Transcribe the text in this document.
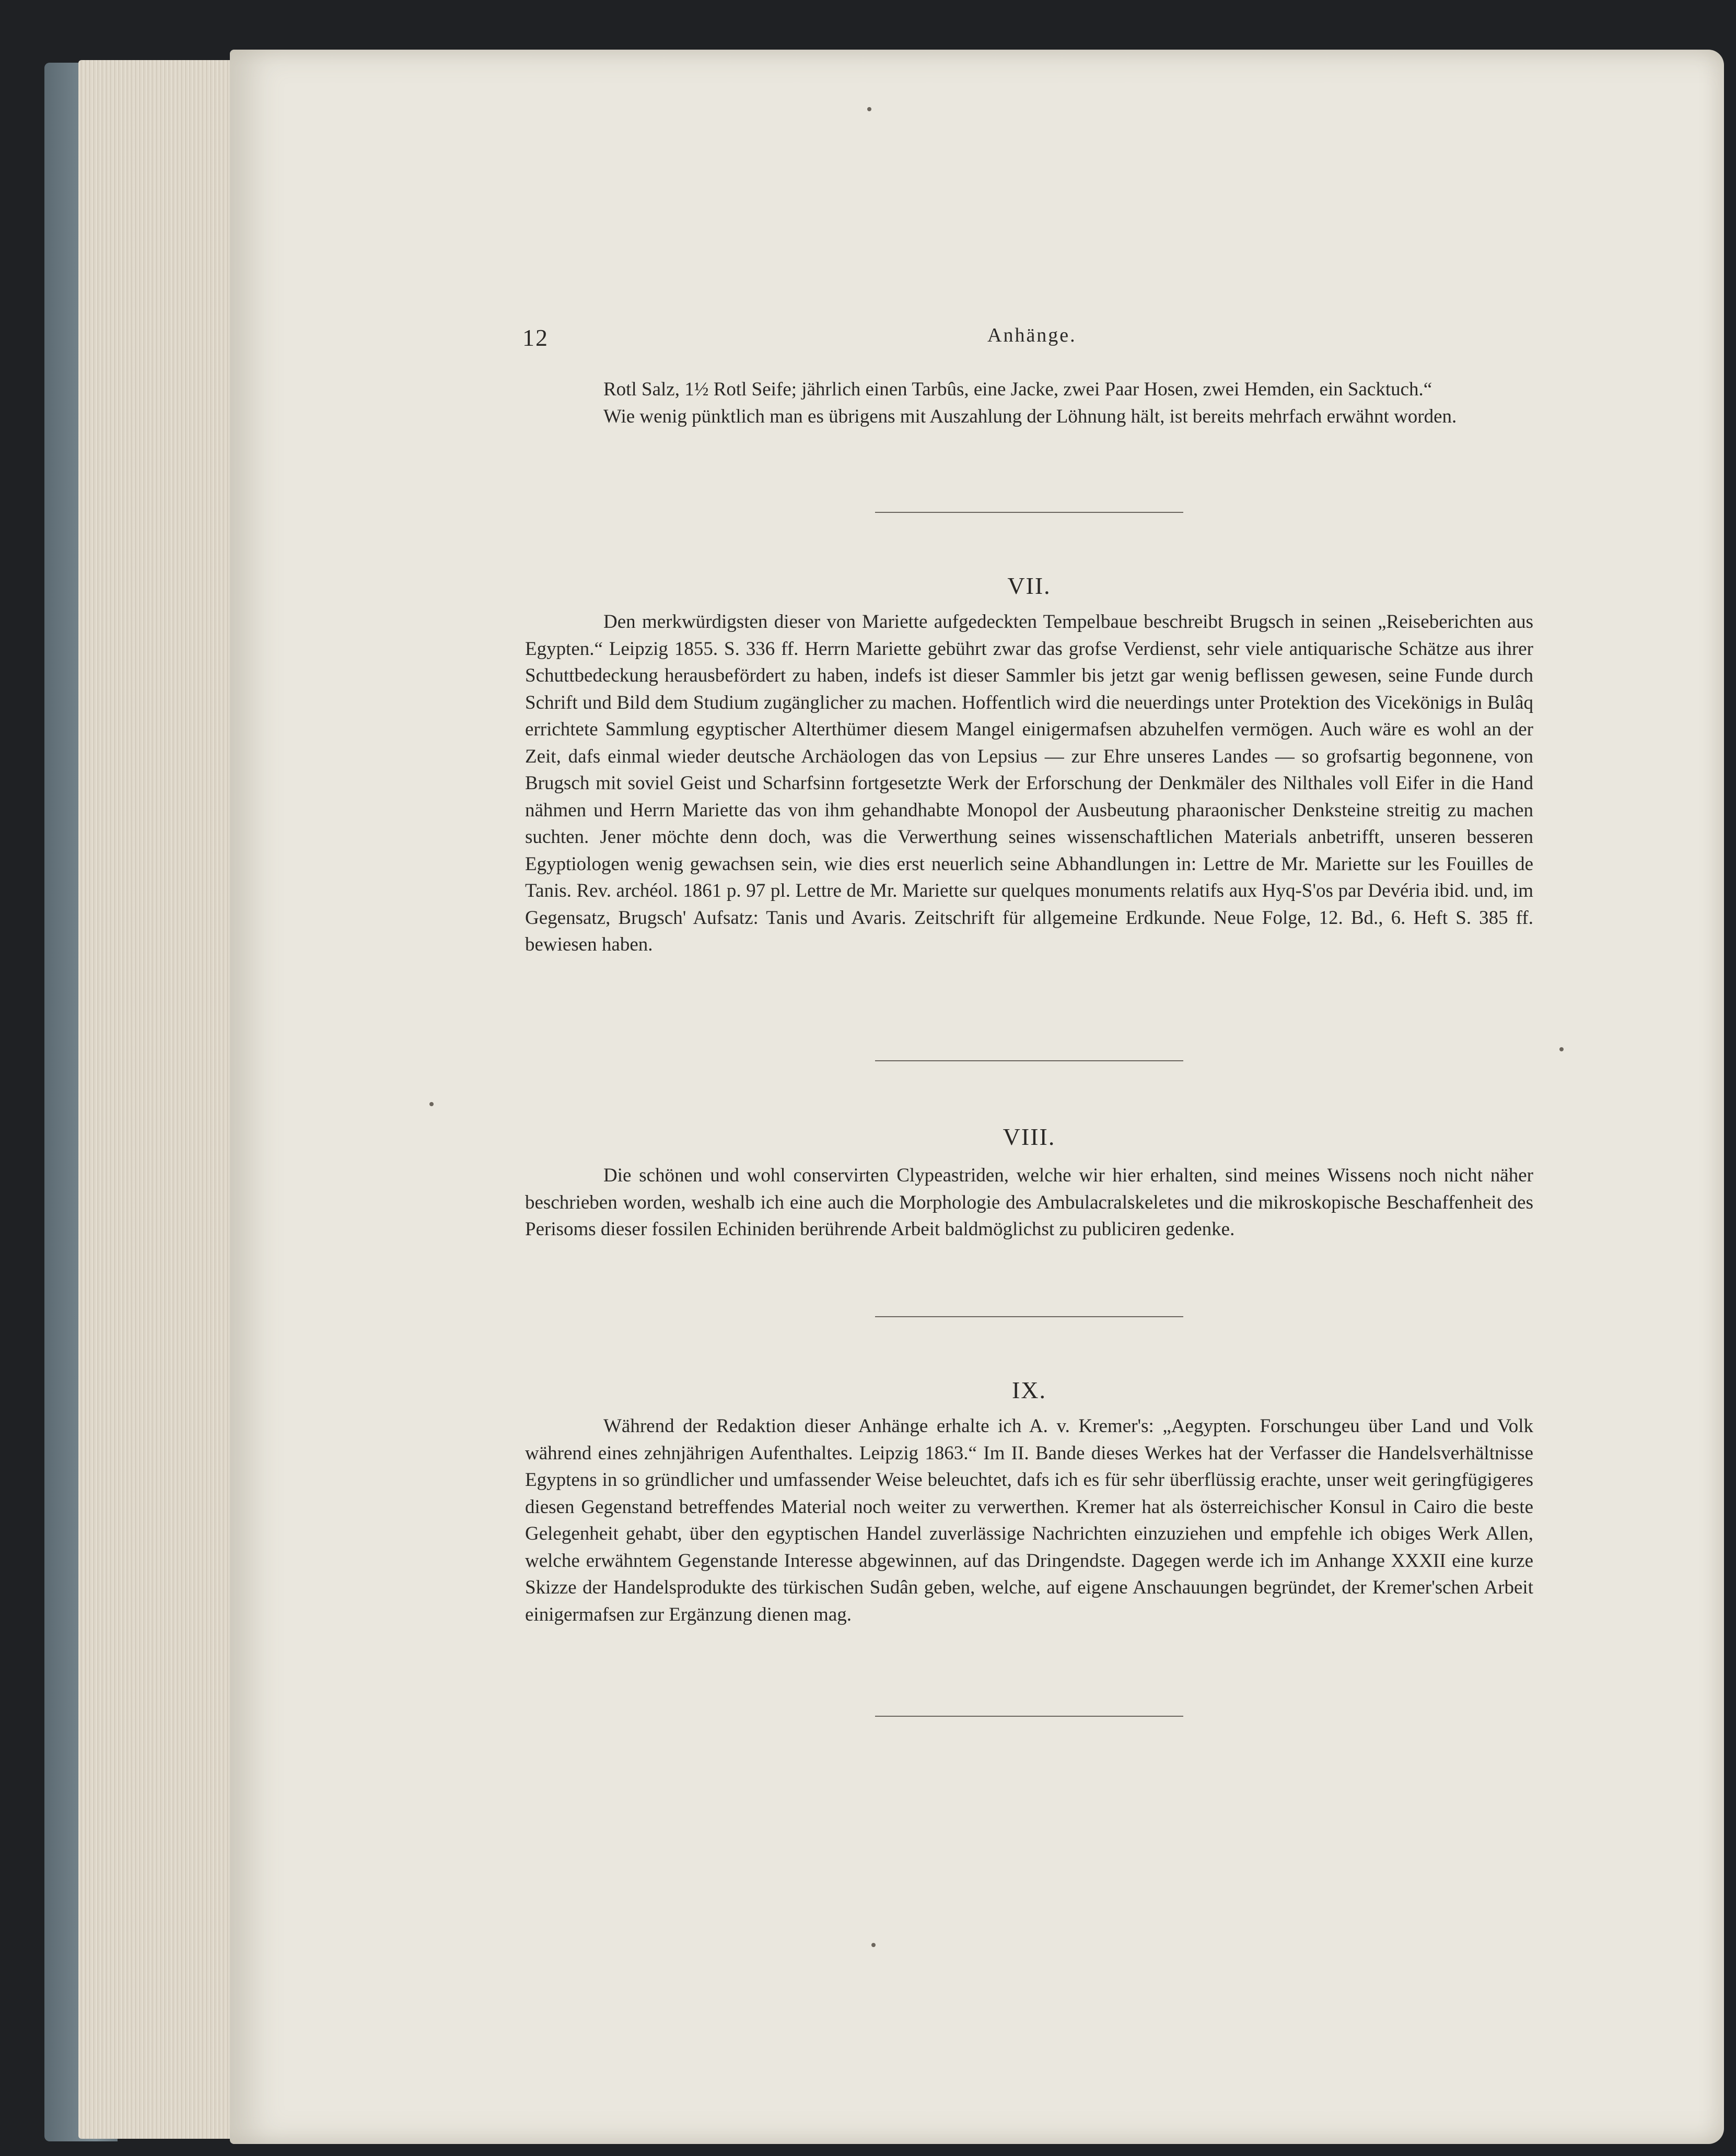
12	Anhänge.

Rotl Salz, 1½ Rotl Seife; jährlich einen Tarbûs, eine Jacke, zwei Paar Hosen, zwei Hemden, ein Sacktuch.“

Wie wenig pünktlich man es übrigens mit Auszahlung der Löhnung hält, ist bereits mehrfach erwähnt worden.

VII.

Den merkwürdigsten dieser von Mariette aufgedeckten Tempelbaue beschreibt Brugsch in seinen „Reiseberichten aus Egypten.“ Leipzig 1855. S. 336 ff. Herrn Mariette gebührt zwar das grofse Verdienst, sehr viele antiquarische Schätze aus ihrer Schuttbedeckung herausbefördert zu haben, indefs ist dieser Sammler bis jetzt gar wenig beflissen gewesen, seine Funde durch Schrift und Bild dem Studium zugänglicher zu machen. Hoffentlich wird die neuerdings unter Protektion des Vicekönigs in Bulâq errichtete Sammlung egyptischer Alterthümer diesem Mangel einigermafsen abzuhelfen vermögen. Auch wäre es wohl an der Zeit, dafs einmal wieder deutsche Archäologen das von Lepsius — zur Ehre unseres Landes — so grofsartig begonnene, von Brugsch mit soviel Geist und Scharfsinn fortgesetzte Werk der Erforschung der Denkmäler des Nilthales voll Eifer in die Hand nähmen und Herrn Mariette das von ihm gehandhabte Monopol der Ausbeutung pharaonischer Denksteine streitig zu machen suchten. Jener möchte denn doch, was die Verwerthung seines wissenschaftlichen Materials anbetrifft, unseren besseren Egyptiologen wenig gewachsen sein, wie dies erst neuerlich seine Abhandlungen in: Lettre de Mr. Mariette sur les Fouilles de Tanis. Rev. archéol. 1861 p. 97 pl. Lettre de Mr. Mariette sur quelques monuments relatifs aux Hyq-S'os par Devéria ibid. und, im Gegensatz, Brugsch' Aufsatz: Tanis und Avaris. Zeitschrift für allgemeine Erdkunde. Neue Folge, 12. Bd., 6. Heft S. 385 ff. bewiesen haben.

VIII.

Die schönen und wohl conservirten Clypeastriden, welche wir hier erhalten, sind meines Wissens noch nicht näher beschrieben worden, weshalb ich eine auch die Morphologie des Ambulacralskeletes und die mikroskopische Beschaffenheit des Perisoms dieser fossilen Echiniden berührende Arbeit baldmöglichst zu publiciren gedenke.

IX.

Während der Redaktion dieser Anhänge erhalte ich A. v. Kremer's: „Aegypten. Forschungeu über Land und Volk während eines zehnjährigen Aufenthaltes. Leipzig 1863.“ Im II. Bande dieses Werkes hat der Verfasser die Handelsverhältnisse Egyptens in so gründlicher und umfassender Weise beleuchtet, dafs ich es für sehr überflüssig erachte, unser weit geringfügigeres diesen Gegenstand betreffendes Material noch weiter zu verwerthen. Kremer hat als österreichischer Konsul in Cairo die beste Gelegenheit gehabt, über den egyptischen Handel zuverlässige Nachrichten einzuziehen und empfehle ich obiges Werk Allen, welche erwähntem Gegenstande Interesse abgewinnen, auf das Dringendste. Dagegen werde ich im Anhange XXXII eine kurze Skizze der Handelsprodukte des türkischen Sudân geben, welche, auf eigene Anschauungen begründet, der Kremer'schen Arbeit einigermafsen zur Ergänzung dienen mag.
